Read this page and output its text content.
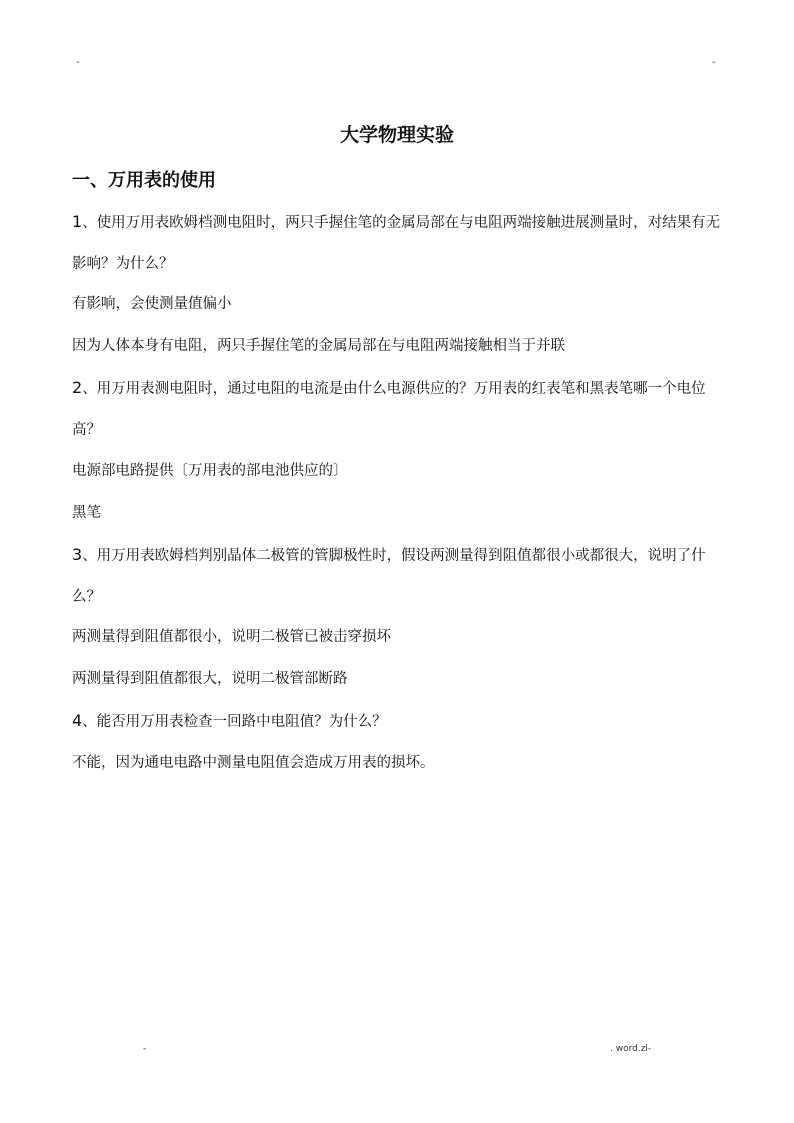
-	-
大学物理实验
一、万用表的使用
1、使用万用表欧姆档测电阻时，两只手握住笔的金属局部在与电阻两端接触进展测量时，对结果有无影响？为什么？
有影响，会使测量值偏小
因为人体本身有电阻，两只手握住笔的金属局部在与电阻两端接触相当于并联
2、用万用表测电阻时，通过电阻的电流是由什么电源供应的？万用表的红表笔和黑表笔哪一个电位高？
电源部电路提供〔万用表的部电池供应的〕
黑笔
3、用万用表欧姆档判别晶体二极管的管脚极性时，假设两测量得到阻值都很小或都很大，说明了什么？
两测量得到阻值都很小，说明二极管已被击穿损坏
两测量得到阻值都很大，说明二极管部断路
4、能否用万用表检查一回路中电阻值？为什么？
不能，因为通电电路中测量电阻值会造成万用表的损坏。
-	. word.zl-
